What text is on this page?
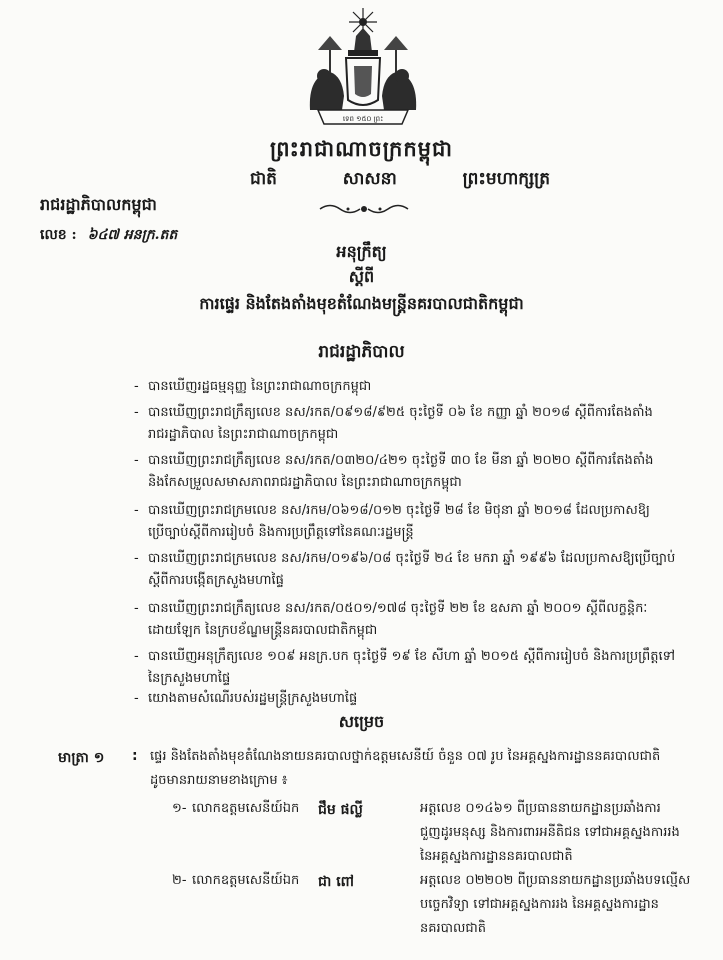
ទេព ១៥០ ព្រះ
ព្រះរាជាណាចក្រកម្ពុជា
ជាតិ	សាសនា	ព្រះមហាក្សត្រ
រាជរដ្ឋាភិបាលកម្ពុជា
លេខ : ៦៤៧ អនក្រ.តត
អនុក្រឹត្យ
ស្តីពី
ការផ្ទេរ និងតែងតាំងមុខតំណែងមន្ត្រីនគរបាលជាតិកម្ពុជា
រាជរដ្ឋាភិបាល
- បានឃើញរដ្ឋធម្មនុញ្ញ នៃព្រះរាជាណាចក្រកម្ពុជា
- បានឃើញព្រះរាជក្រឹត្យលេខ នស/រកត/០៩១៨/៩២៥ ចុះថ្ងៃទី ០៦ ខែ កញ្ញា ឆ្នាំ ២០១៨ ស្តីពីការតែងតាំង
រាជរដ្ឋាភិបាល នៃព្រះរាជាណាចក្រកម្ពុជា
- បានឃើញព្រះរាជក្រឹត្យលេខ នស/រកត/០៣២០/៤២១ ចុះថ្ងៃទី ៣០ ខែ មីនា ឆ្នាំ ២០២០ ស្តីពីការតែងតាំង
និងកែសម្រួលសមាសភាពរាជរដ្ឋាភិបាល នៃព្រះរាជាណាចក្រកម្ពុជា
- បានឃើញព្រះរាជក្រមលេខ នស/រកម/០៦១៨/០១២ ចុះថ្ងៃទី ២៨ ខែ មិថុនា ឆ្នាំ ២០១៨ ដែលប្រកាសឱ្យ
ប្រើច្បាប់ស្តីពីការរៀបចំ និងការប្រព្រឹត្តទៅនៃគណៈរដ្ឋមន្ត្រី
- បានឃើញព្រះរាជក្រមលេខ នស/រកម/០១៩៦/០៨ ចុះថ្ងៃទី ២៤ ខែ មករា ឆ្នាំ ១៩៩៦ ដែលប្រកាសឱ្យប្រើច្បាប់
ស្តីពីការបង្កើតក្រសួងមហាផ្ទៃ
- បានឃើញព្រះរាជក្រឹត្យលេខ នស/រកត/០៥០១/១៧៨ ចុះថ្ងៃទី ២២ ខែ ឧសភា ឆ្នាំ ២០០១ ស្តីពីលក្ខន្តិកៈ
ដោយឡែក នៃក្របខ័ណ្ឌមន្ត្រីនគរបាលជាតិកម្ពុជា
- បានឃើញអនុក្រឹត្យលេខ ១០៩ អនក្រ.បក ចុះថ្ងៃទី ១៩ ខែ សីហា ឆ្នាំ ២០១៥ ស្តីពីការរៀបចំ និងការប្រព្រឹត្តទៅ
នៃក្រសួងមហាផ្ទៃ
- យោងតាមសំណើរបស់រដ្ឋមន្ត្រីក្រសួងមហាផ្ទៃ
សម្រេច
មាត្រា ១ : ផ្ទេរ និងតែងតាំងមុខតំណែងនាយនគរបាលថ្នាក់ឧត្តមសេនីយ៍ ចំនួន ០៧ រូប នៃអគ្គស្នងការដ្ឋាននគរបាលជាតិ
ដូចមានរាយនាមខាងក្រោម ៖
១- លោកឧត្តមសេនីយ៍ឯក ជឹម ផល្លី	អត្តលេខ ០១៤៦១ ពីប្រធាននាយកដ្ឋានប្រឆាំងការ
ជួញដូរមនុស្ស និងការពារអនីតិជន ទៅជាអគ្គស្នងការរង
នៃអគ្គស្នងការដ្ឋាននគរបាលជាតិ
២- លោកឧត្តមសេនីយ៍ឯក ជា ពៅ	អត្តលេខ ០២២០២ ពីប្រធាននាយកដ្ឋានប្រឆាំងបទល្មើស
បច្ចេកវិទ្យា ទៅជាអគ្គស្នងការរង នៃអគ្គស្នងការដ្ឋាន
នគរបាលជាតិ
